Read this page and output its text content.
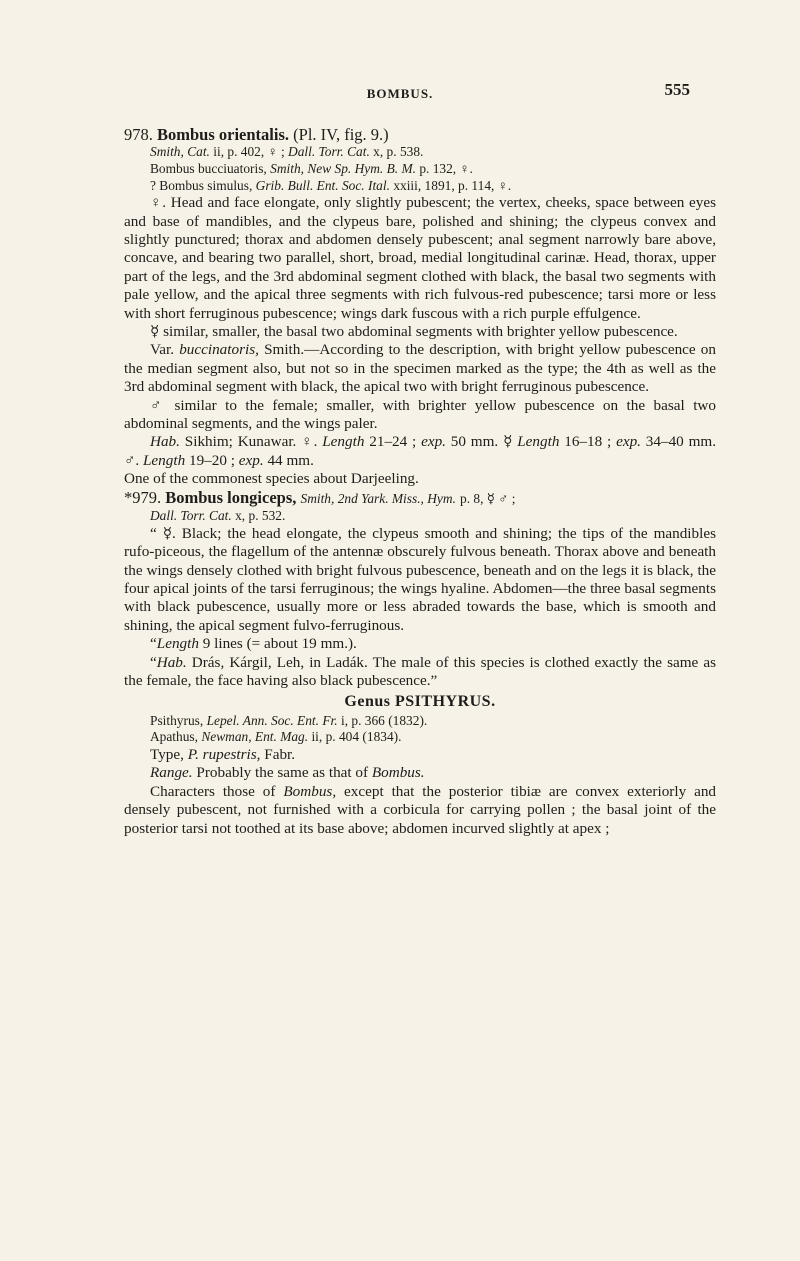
BOMBUS.	555

978. Bombus orientalis. (Pl. IV, fig. 9.)

Smith, Cat. ii, p. 402, ♀ ; Dall. Torr. Cat. x, p. 538.

Bombus bucciuatoris, Smith, New Sp. Hym. B. M. p. 132, ♀.

? Bombus simulus, Grib. Bull. Ent. Soc. Ital. xxiii, 1891, p. 114, ♀.

♀. Head and face elongate, only slightly pubescent; the vertex, cheeks, space between eyes and base of mandibles, and the clypeus bare, polished and shining; the clypeus convex and slightly punctured; thorax and abdomen densely pubescent; anal segment narrowly bare above, concave, and bearing two parallel, short, broad, medial longitudinal carinæ. Head, thorax, upper part of the legs, and the 3rd abdominal segment clothed with black, the basal two segments with pale yellow, and the apical three segments with rich fulvous-red pubescence; tarsi more or less with short ferruginous pubescence; wings dark fuscous with a rich purple effulgence.

☿ similar, smaller, the basal two abdominal segments with brighter yellow pubescence.

Var. buccinatoris, Smith.—According to the description, with bright yellow pubescence on the median segment also, but not so in the specimen marked as the type; the 4th as well as the 3rd abdominal segment with black, the apical two with bright ferruginous pubescence.

♂ similar to the female; smaller, with brighter yellow pubescence on the basal two abdominal segments, and the wings paler.

Hab. Sikhim; Kunawar. ♀. Length 21–24 ; exp. 50 mm. ☿ Length 16–18 ; exp. 34–40 mm. ♂. Length 19–20 ; exp. 44 mm.

One of the commonest species about Darjeeling.

*979. Bombus longiceps, Smith, 2nd Yark. Miss., Hym. p. 8, ☿ ♂ ;

Dall. Torr. Cat. x, p. 532.

“ ☿. Black; the head elongate, the clypeus smooth and shining; the tips of the mandibles rufo-piceous, the flagellum of the antennæ obscurely fulvous beneath. Thorax above and beneath the wings densely clothed with bright fulvous pubescence, beneath and on the legs it is black, the four apical joints of the tarsi ferruginous; the wings hyaline. Abdomen—the three basal segments with black pubescence, usually more or less abraded towards the base, which is smooth and shining, the apical segment fulvo-ferruginous.

“Length 9 lines (= about 19 mm.).

“Hab. Drás, Kárgil, Leh, in Ladák. The male of this species is clothed exactly the same as the female, the face having also black pubescence.”

Genus PSITHYRUS.

Psithyrus, Lepel. Ann. Soc. Ent. Fr. i, p. 366 (1832).

Apathus, Newman, Ent. Mag. ii, p. 404 (1834).

Type, P. rupestris, Fabr.

Range. Probably the same as that of Bombus.

Characters those of Bombus, except that the posterior tibiæ are convex exteriorly and densely pubescent, not furnished with a corbicula for carrying pollen ; the basal joint of the posterior tarsi not toothed at its base above; abdomen incurved slightly at apex ;
